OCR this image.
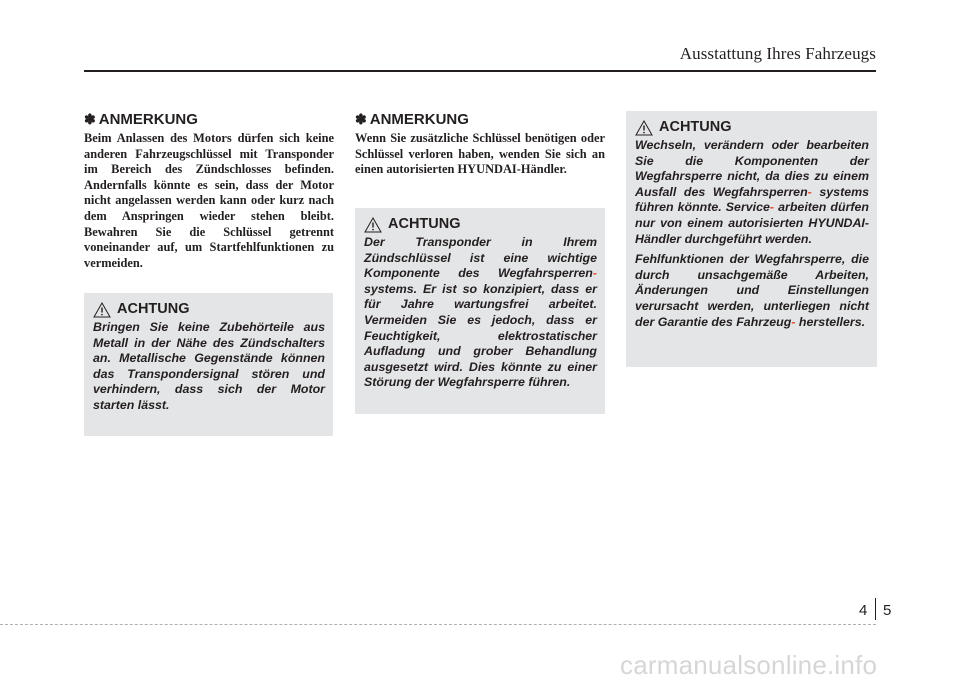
Ausstattung Ihres Fahrzeugs

✽ ANMERKUNG

Beim Anlassen des Motors dürfen sich keine anderen Fahrzeugschlüssel mit Transponder im Bereich des Zündschlosses befinden. Andernfalls könnte es sein, dass der Motor nicht angelassen werden kann oder kurz nach dem Anspringen wieder stehen bleibt. Bewahren Sie die Schlüssel getrennt voneinander auf, um Startfehlfunktionen zu vermeiden.

ACHTUNG

Bringen Sie keine Zubehörteile aus Metall in der Nähe des Zündschalters an. Metallische Gegenstände können das Transpondersignal stören und verhindern, dass sich der Motor starten lässt.

✽ ANMERKUNG

Wenn Sie zusätzliche Schlüssel benötigen oder Schlüssel verloren haben, wenden Sie sich an einen autorisierten HYUNDAI-Händler.

ACHTUNG

Der Transponder in Ihrem Zündschlüssel ist eine wichtige Komponente des Wegfahrsperren- systems. Er ist so konzipiert, dass er für Jahre wartungsfrei arbeitet. Vermeiden Sie es jedoch, dass er Feuchtigkeit, elektrostatischer Aufladung und grober Behandlung ausgesetzt wird. Dies könnte zu einer Störung der Wegfahrsperre führen.

ACHTUNG

Wechseln, verändern oder bearbeiten Sie die Komponenten der Wegfahrsperre nicht, da dies zu einem Ausfall des Wegfahrsperren- systems führen könnte. Service- arbeiten dürfen nur von einem autorisierten HYUNDAI-Händler durchgeführt werden.

Fehlfunktionen der Wegfahrsperre, die durch unsachgemäße Arbeiten, Änderungen und Einstellungen verursacht werden, unterliegen nicht der Garantie des Fahrzeug- herstellers.

4 5
carmanualsonline.info
